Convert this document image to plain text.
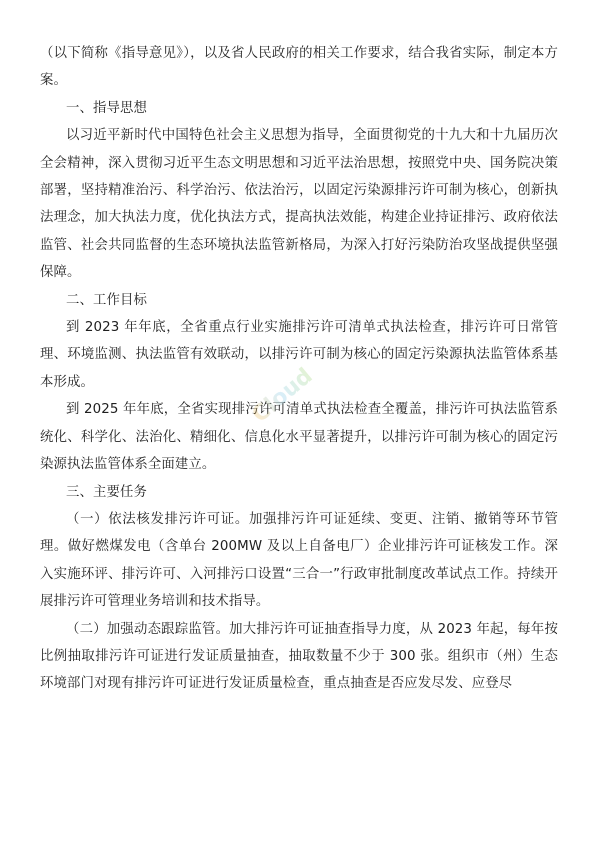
（以下简称《指导意见》），以及省人民政府的相关工作要求，结合我省实际，制定本方案。

一、指导思想

以习近平新时代中国特色社会主义思想为指导，全面贯彻党的十九大和十九届历次全会精神，深入贯彻习近平生态文明思想和习近平法治思想，按照党中央、国务院决策部署，坚持精准治污、科学治污、依法治污，以固定污染源排污许可制为核心，创新执法理念，加大执法力度，优化执法方式，提高执法效能，构建企业持证排污、政府依法监管、社会共同监督的生态环境执法监管新格局，为深入打好污染防治攻坚战提供坚强保障。

二、工作目标

到 2023 年年底，全省重点行业实施排污许可清单式执法检查，排污许可日常管理、环境监测、执法监管有效联动，以排污许可制为核心的固定污染源执法监管体系基本形成。

到 2025 年年底，全省实现排污许可清单式执法检查全覆盖，排污许可执法监管系统化、科学化、法治化、精细化、信息化水平显著提升，以排污许可制为核心的固定污染源执法监管体系全面建立。

三、主要任务

（一）依法核发排污许可证。加强排污许可证延续、变更、注销、撤销等环节管理。做好燃煤发电（含单台 200MW 及以上自备电厂）企业排污许可证核发工作。深入实施环评、排污许可、入河排污口设置“三合一”行政审批制度改革试点工作。持续开展排污许可管理业务培训和技术指导。

（二）加强动态跟踪监管。加大排污许可证抽查指导力度，从 2023 年起，每年按比例抽取排污许可证进行发证质量抽查，抽取数量不少于 300 张。组织市（州）生态环境部门对现有排污许可证进行发证质量检查，重点抽查是否应发尽发、应登尽

Cloud
